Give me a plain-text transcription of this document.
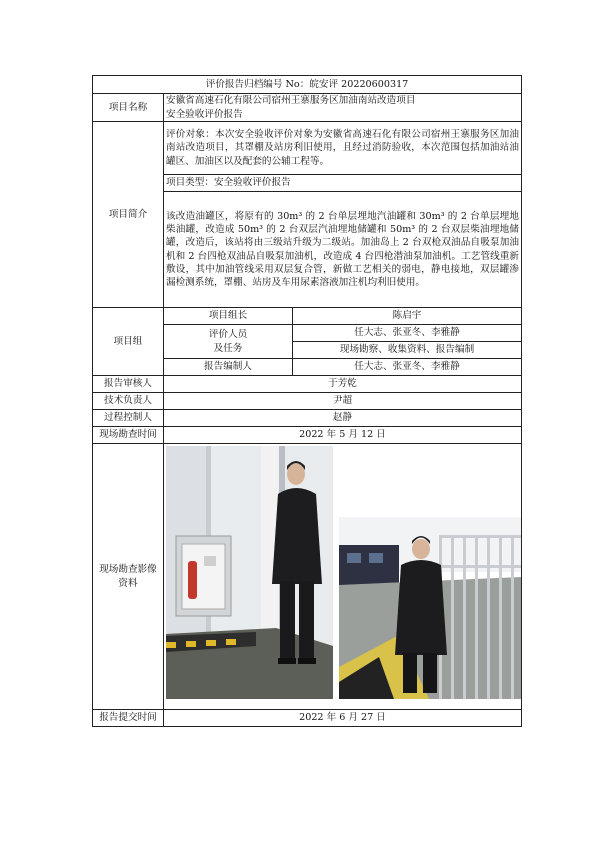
评价报告归档编号 No：皖安评 20220600317		
项目名称	安徽省高速石化有限公司宿州王寨服务区加油南站改造项目
安全验收评价报告	

项目简介	评价对象：本次安全验收评价对象为安徽省高速石化有限公司宿州王寨服务区加油南站改造项目，其罩棚及站房利旧使用，且经过消防验收，本次范围包括加油站油罐区、加油区以及配套的公辅工程等。	
	项目类型：安全验收评价报告	
	该改造油罐区，将原有的 30m³ 的 2 台单层埋地汽油罐和 30m³ 的 2 台单层埋地柴油罐，改造成 50m³ 的 2 台双层汽油埋地储罐和 50m³ 的 2 台双层柴油埋地储罐，改造后，该站将由三级站升级为二级站。加油岛上 2 台双枪双油品自吸泵加油机和 2 台四枪双油品自吸泵加油机，改造成 4 台四枪潜油泵加油机。工艺管线重新敷设，其中加油管线采用双层复合管，新做工艺相关的弱电，静电接地，双层罐渗漏检测系统，罩棚、站房及车用尿素溶液加注机均利旧使用。	
项目组	项目组长	陈启宇

	评价人员
及任务	任大志、张亚冬、李雅静
		现场勘察、收集资料、报告编制
	报告编制人	任大志、张亚冬、李雅静
报告审核人	于芳乾	
技术负责人	尹超	
过程控制人	赵静	
现场勘查时间	2022 年 5 月 12 日	

现场勘查影像
资料

报告提交时间	2022 年 6 月 27 日	
